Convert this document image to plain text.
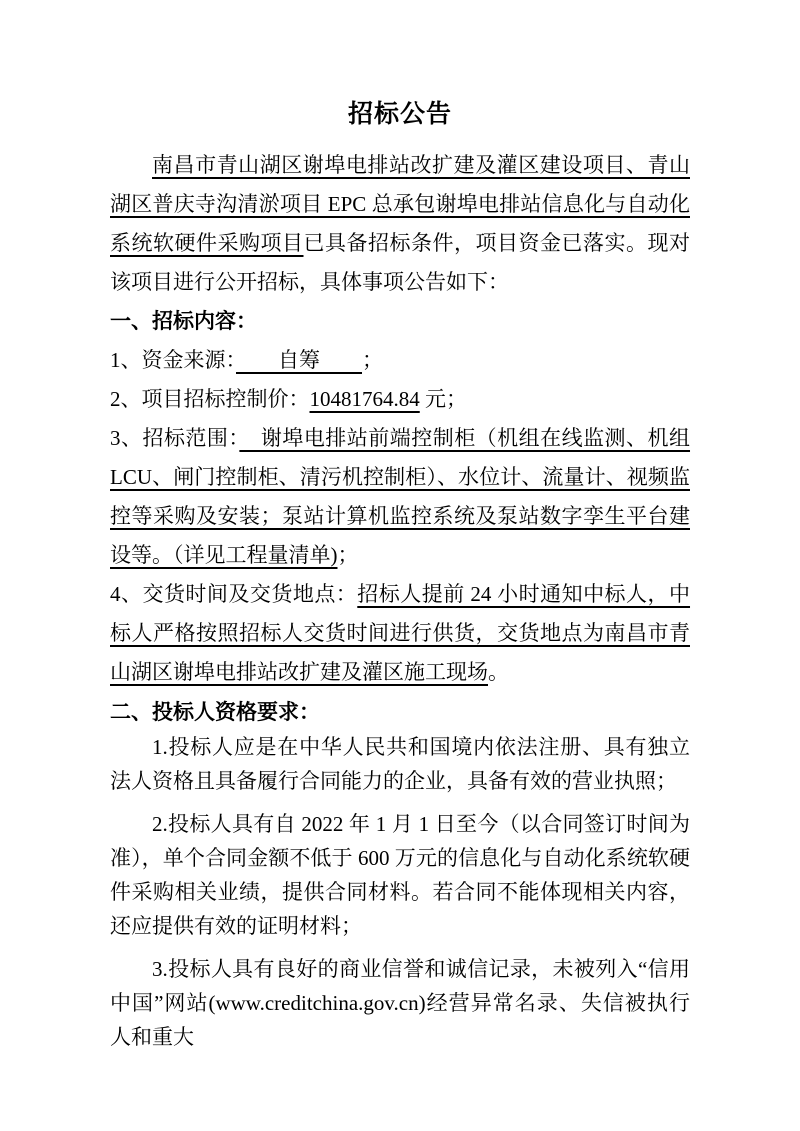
招标公告

南昌市青山湖区谢埠电排站改扩建及灌区建设项目、青山湖区普庆寺沟清淤项目 EPC 总承包谢埠电排站信息化与自动化系统软硬件采购项目已具备招标条件，项目资金已落实。现对该项目进行公开招标，具体事项公告如下：

一、招标内容：

1、资金来源：　　自筹　　；

2、项目招标控制价：10481764.84 元；

3、招标范围：　谢埠电排站前端控制柜（机组在线监测、机组 LCU、闸门控制柜、清污机控制柜）、水位计、流量计、视频监控等采购及安装；泵站计算机监控系统及泵站数字孪生平台建设等。（详见工程量清单)；

4、交货时间及交货地点：招标人提前 24 小时通知中标人，中标人严格按照招标人交货时间进行供货，交货地点为南昌市青山湖区谢埠电排站改扩建及灌区施工现场。

二、投标人资格要求：

1.投标人应是在中华人民共和国境内依法注册、具有独立法人资格且具备履行合同能力的企业，具备有效的营业执照；

2.投标人具有自 2022 年 1 月 1 日至今（以合同签订时间为准），单个合同金额不低于 600 万元的信息化与自动化系统软硬件采购相关业绩，提供合同材料。若合同不能体现相关内容，还应提供有效的证明材料；

3.投标人具有良好的商业信誉和诚信记录，未被列入“信用中国”网站(www.creditchina.gov.cn)经营异常名录、失信被执行人和重大
